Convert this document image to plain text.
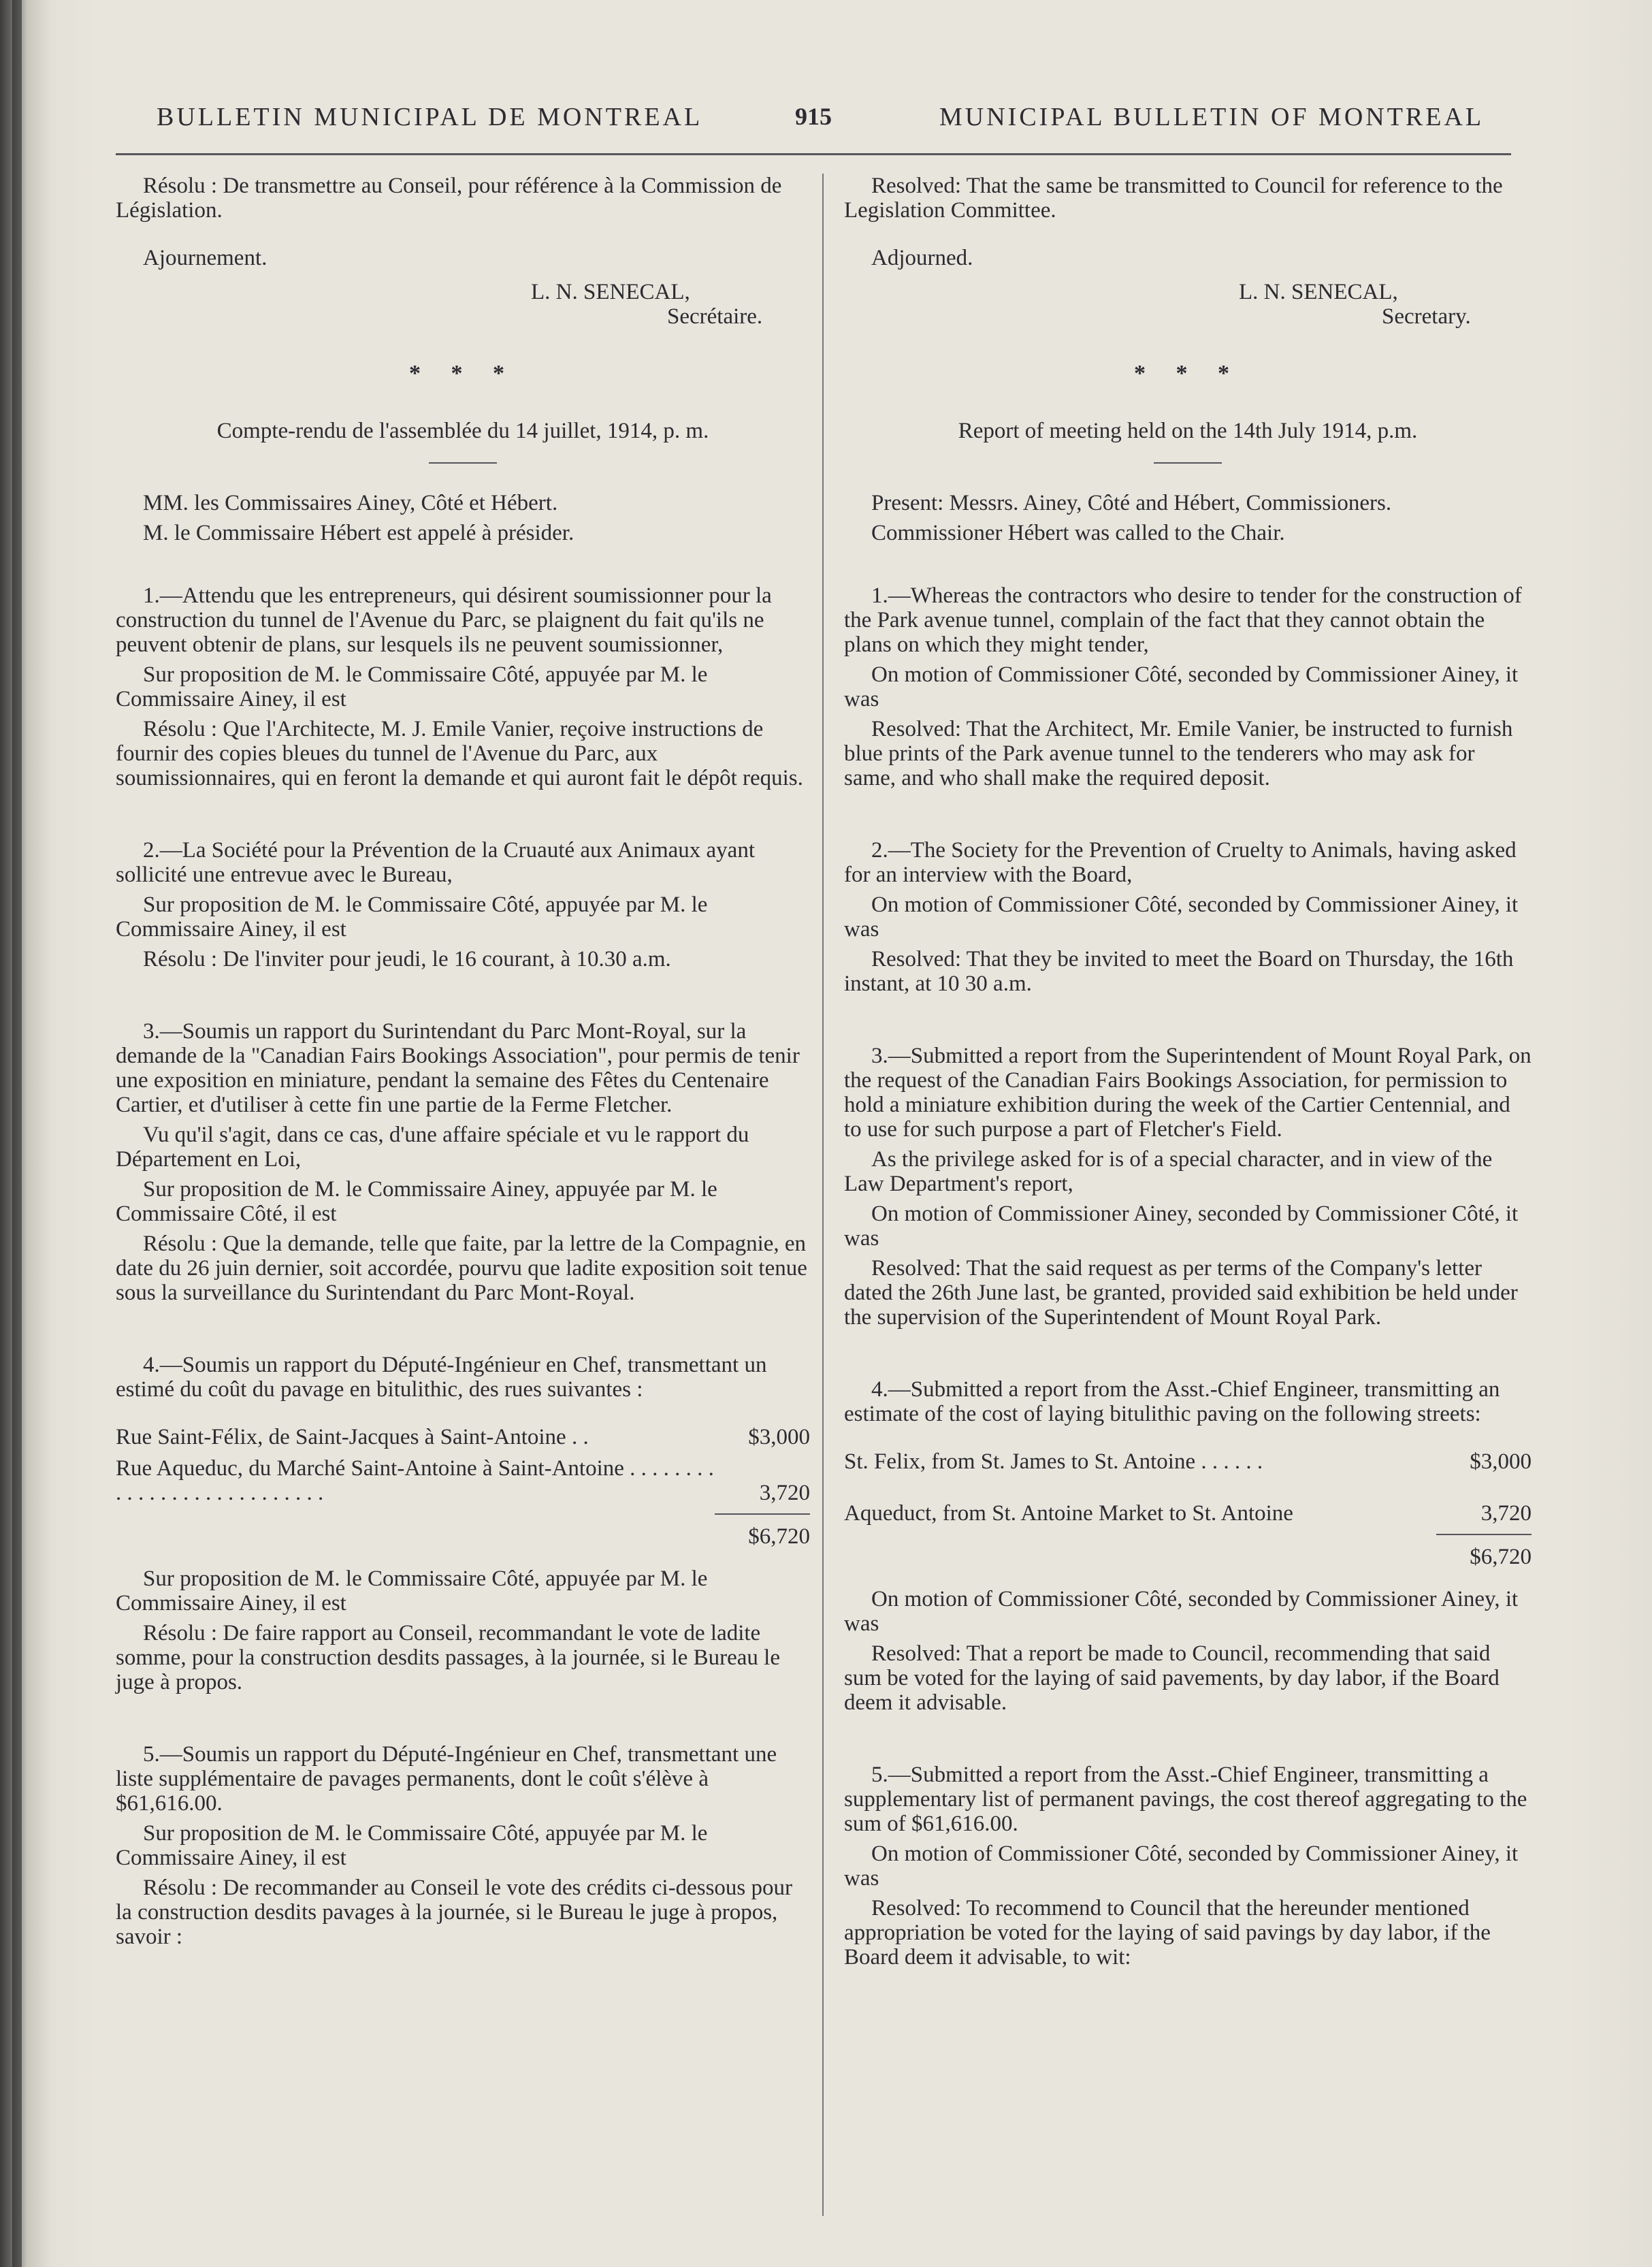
BULLETIN MUNICIPAL DE MONTREAL	915	MUNICIPAL BULLETIN OF MONTREAL

Résolu : De transmettre au Conseil, pour référence à la Commission de Législation.

Ajournement.

L. N. SENECAL,

Secrétaire.

* * *

Compte-rendu de l'assemblée du 14 juillet, 1914, p. m.

MM. les Commissaires Ainey, Côté et Hébert.

M. le Commissaire Hébert est appelé à présider.

1.—Attendu que les entrepreneurs, qui désirent soumissionner pour la construction du tunnel de l'Avenue du Parc, se plaignent du fait qu'ils ne peuvent obtenir de plans, sur lesquels ils ne peuvent soumissionner,

Sur proposition de M. le Commissaire Côté, appuyée par M. le Commissaire Ainey, il est

Résolu : Que l'Architecte, M. J. Emile Vanier, reçoive instructions de fournir des copies bleues du tunnel de l'Avenue du Parc, aux soumissionnaires, qui en feront la demande et qui auront fait le dépôt requis.

2.—La Société pour la Prévention de la Cruauté aux Animaux ayant sollicité une entrevue avec le Bureau,

Sur proposition de M. le Commissaire Côté, appuyée par M. le Commissaire Ainey, il est

Résolu : De l'inviter pour jeudi, le 16 courant, à 10.30 a.m.

3.—Soumis un rapport du Surintendant du Parc Mont-Royal, sur la demande de la "Canadian Fairs Bookings Association", pour permis de tenir une exposition en miniature, pendant la semaine des Fêtes du Centenaire Cartier, et d'utiliser à cette fin une partie de la Ferme Fletcher.

Vu qu'il s'agit, dans ce cas, d'une affaire spéciale et vu le rapport du Département en Loi,

Sur proposition de M. le Commissaire Ainey, appuyée par M. le Commissaire Côté, il est

Résolu : Que la demande, telle que faite, par la lettre de la Compagnie, en date du 26 juin dernier, soit accordée, pourvu que ladite exposition soit tenue sous la surveillance du Surintendant du Parc Mont-Royal.

4.—Soumis un rapport du Député-Ingénieur en Chef, transmettant un estimé du coût du pavage en bitulithic, des rues suivantes :

Rue Saint-Félix, de Saint-Jacques à Saint-Antoine . .	$3,000
Rue Aqueduc, du Marché Saint-Antoine à Saint-Antoine . . . . . . . . . . . . . . . . . . . . . . . . . . .	3,720

$6,720

Sur proposition de M. le Commissaire Côté, appuyée par M. le Commissaire Ainey, il est

Résolu : De faire rapport au Conseil, recommandant le vote de ladite somme, pour la construction desdits passages, à la journée, si le Bureau le juge à propos.

5.—Soumis un rapport du Député-Ingénieur en Chef, transmettant une liste supplémentaire de pavages permanents, dont le coût s'élève à $61,616.00.

Sur proposition de M. le Commissaire Côté, appuyée par M. le Commissaire Ainey, il est

Résolu : De recommander au Conseil le vote des crédits ci-dessous pour la construction desdits pavages à la journée, si le Bureau le juge à propos, savoir :

Resolved: That the same be transmitted to Council for reference to the Legislation Committee.

Adjourned.

L. N. SENECAL,

Secretary.

* * *

Report of meeting held on the 14th July 1914, p.m.

Present: Messrs. Ainey, Côté and Hébert, Commissioners.

Commissioner Hébert was called to the Chair.

1.—Whereas the contractors who desire to tender for the construction of the Park avenue tunnel, complain of the fact that they cannot obtain the plans on which they might tender,

On motion of Commissioner Côté, seconded by Commissioner Ainey, it was

Resolved: That the Architect, Mr. Emile Vanier, be instructed to furnish blue prints of the Park avenue tunnel to the tenderers who may ask for same, and who shall make the required deposit.

2.—The Society for the Prevention of Cruelty to Animals, having asked for an interview with the Board,

On motion of Commissioner Côté, seconded by Commissioner Ainey, it was

Resolved: That they be invited to meet the Board on Thursday, the 16th instant, at 10 30 a.m.

3.—Submitted a report from the Superintendent of Mount Royal Park, on the request of the Canadian Fairs Bookings Association, for permission to hold a miniature exhibition during the week of the Cartier Centennial, and to use for such purpose a part of Fletcher's Field.

As the privilege asked for is of a special character, and in view of the Law Department's report,

On motion of Commissioner Ainey, seconded by Commissioner Côté, it was

Resolved: That the said request as per terms of the Company's letter dated the 26th June last, be granted, provided said exhibition be held under the supervision of the Superintendent of Mount Royal Park.

4.—Submitted a report from the Asst.-Chief Engineer, transmitting an estimate of the cost of laying bitulithic paving on the following streets:

St. Felix, from St. James to St. Antoine . . . . . .	$3,000
Aqueduct, from St. Antoine Market to St. Antoine	3,720

$6,720

On motion of Commissioner Côté, seconded by Commissioner Ainey, it was

Resolved: That a report be made to Council, recommending that said sum be voted for the laying of said pavements, by day labor, if the Board deem it advisable.

5.—Submitted a report from the Asst.-Chief Engineer, transmitting a supplementary list of permanent pavings, the cost thereof aggregating to the sum of $61,616.00.

On motion of Commissioner Côté, seconded by Commissioner Ainey, it was

Resolved: To recommend to Council that the hereunder mentioned appropriation be voted for the laying of said pavings by day labor, if the Board deem it advisable, to wit:
